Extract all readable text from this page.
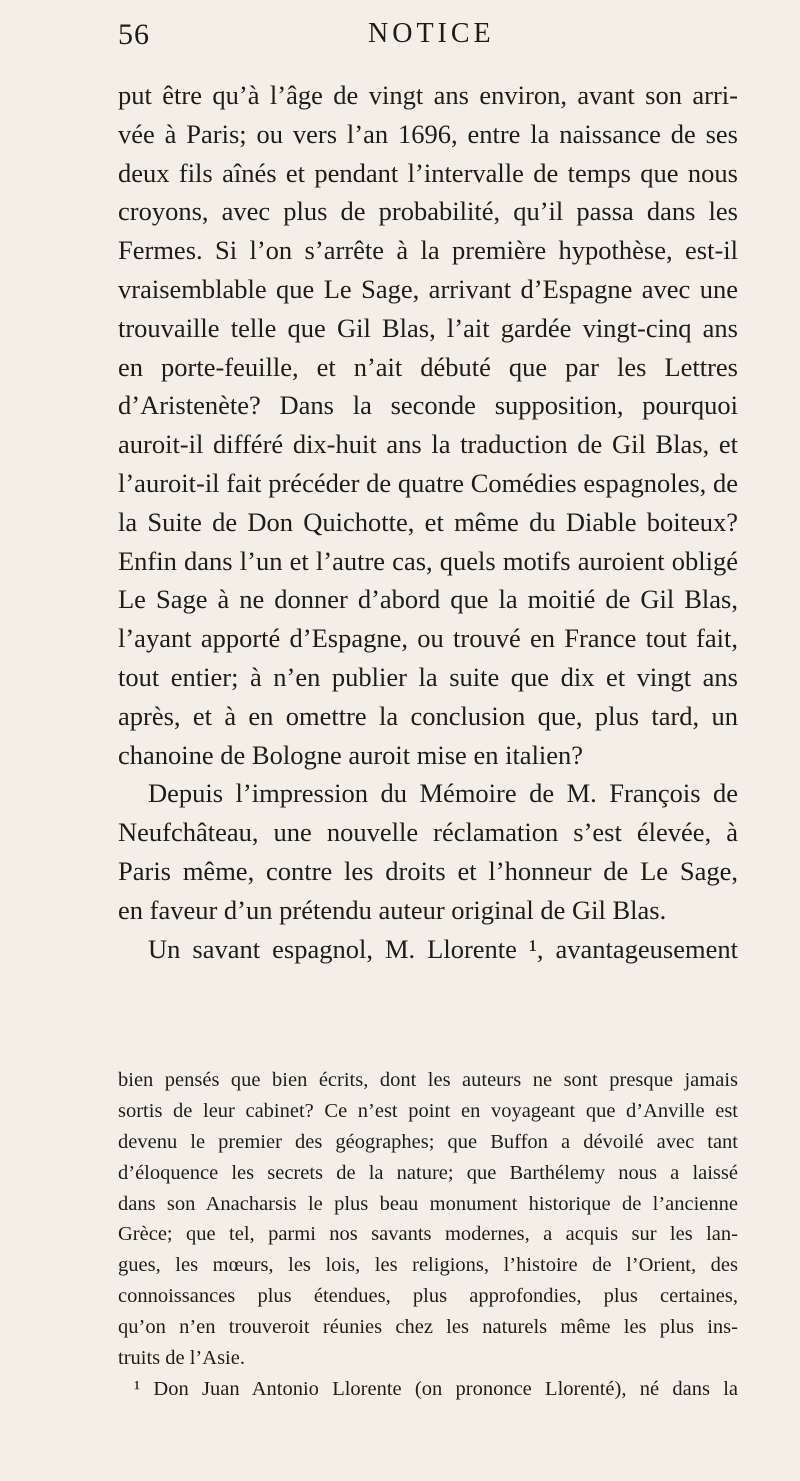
56	NOTICE
put être qu’à l’âge de vingt ans environ, avant son arri-
vée à Paris; ou vers l’an 1696, entre la naissance de ses
deux fils aînés et pendant l’intervalle de temps que nous
croyons, avec plus de probabilité, qu’il passa dans les
Fermes. Si l’on s’arrête à la première hypothèse, est-il
vraisemblable que Le Sage, arrivant d’Espagne avec une
trouvaille telle que Gil Blas, l’ait gardée vingt-cinq ans
en porte-feuille, et n’ait débuté que par les Lettres
d’Aristenète? Dans la seconde supposition, pourquoi
auroit-il différé dix-huit ans la traduction de Gil Blas, et
l’auroit-il fait précéder de quatre Comédies espagnoles, de
la Suite de Don Quichotte, et même du Diable boiteux?
Enfin dans l’un et l’autre cas, quels motifs auroient obligé
Le Sage à ne donner d’abord que la moitié de Gil Blas,
l’ayant apporté d’Espagne, ou trouvé en France tout fait,
tout entier; à n’en publier la suite que dix et vingt ans
après, et à en omettre la conclusion que, plus tard, un
chanoine de Bologne auroit mise en italien?
Depuis l’impression du Mémoire de M. François de
Neufchâteau, une nouvelle réclamation s’est élevée, à
Paris même, contre les droits et l’honneur de Le Sage,
en faveur d’un prétendu auteur original de Gil Blas.
Un savant espagnol, M. Llorente ¹, avantageusement
bien pensés que bien écrits, dont les auteurs ne sont presque jamais
sortis de leur cabinet? Ce n’est point en voyageant que d’Anville est
devenu le premier des géographes; que Buffon a dévoilé avec tant
d’éloquence les secrets de la nature; que Barthélemy nous a laissé
dans son Anacharsis le plus beau monument historique de l’ancienne
Grèce; que tel, parmi nos savants modernes, a acquis sur les lan-
gues, les mœurs, les lois, les religions, l’histoire de l’Orient, des
connoissances plus étendues, plus approfondies, plus certaines,
qu’on n’en trouveroit réunies chez les naturels même les plus ins-
truits de l’Asie.
¹ Don Juan Antonio Llorente (on prononce Llorenté), né dans la
